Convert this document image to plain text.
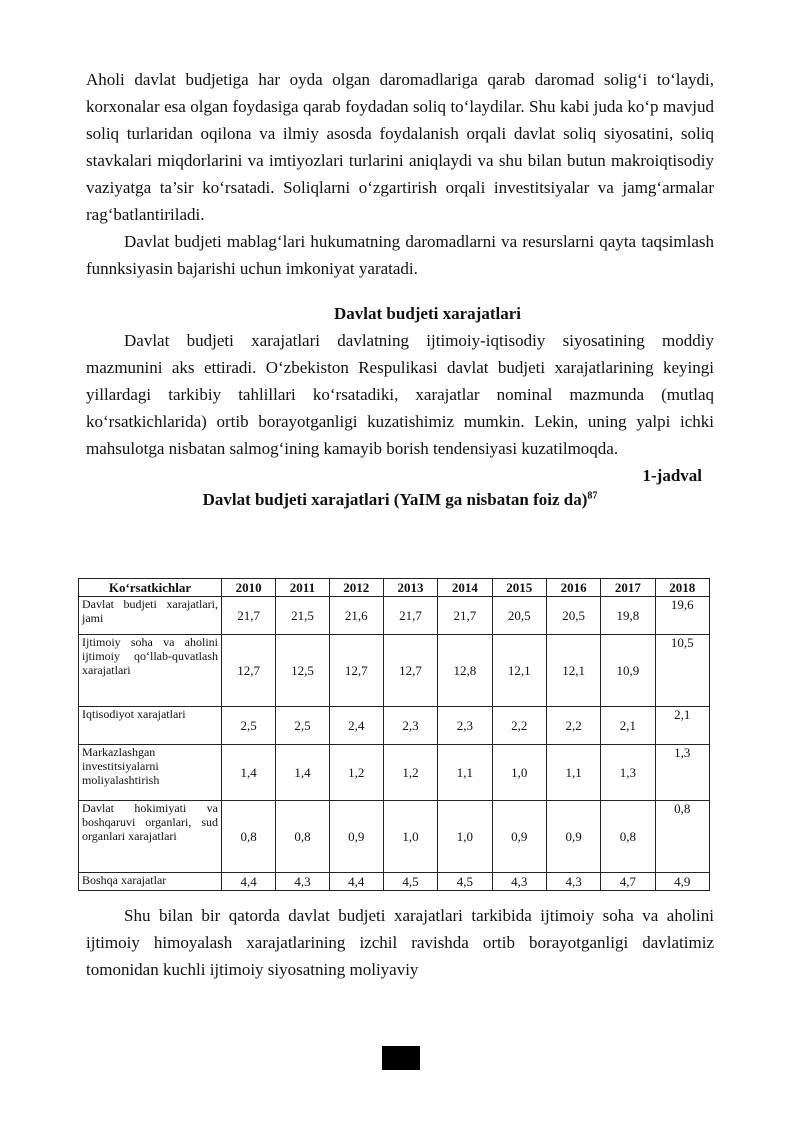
Aholi davlat budjetiga har oyda olgan daromadlariga qarab daromad solig‘i to‘laydi, korxonalar esa olgan foydasiga qarab foydadan soliq to‘laydilar. Shu kabi juda ko‘p mavjud soliq turlaridan oqilona va ilmiy asosda foydalanish orqali davlat soliq siyosatini, soliq stavkalari miqdorlarini va imtiyozlari turlarini aniqlaydi va shu bilan butun makroiqtisodiy vaziyatga ta’sir ko‘rsatadi. Soliqlarni o‘zgartirish orqali investitsiyalar va jamg‘armalar rag‘batlantiriladi.

Davlat budjeti mablag‘lari hukumatning daromadlarni va resurslarni qayta taqsimlash funnksiyasin bajarishi uchun imkoniyat yaratadi.

Davlat budjeti xarajatlari

Davlat budjeti xarajatlari davlatning ijtimoiy-iqtisodiy siyosatining moddiy mazmunini aks ettiradi. O‘zbekiston Respulikasi davlat budjeti xarajatlarining keyingi yillardagi tarkibiy tahlillari ko‘rsatadiki, xarajatlar nominal mazmunda (mutlaq ko‘rsatkichlarida) ortib borayotganligi kuzatishimiz mumkin. Lekin, uning yalpi ichki mahsulotga nisbatan salmog‘ining kamayib borish tendensiyasi kuzatilmoqda.

1-jadval
Davlat budjeti xarajatlari (YaIM ga nisbatan foiz da)$^{87}$
Ko‘rsatkichlar	2010	2011	2012	2013	2014	2015	2016	2017	2018
Davlat budjeti xarajatlari, jami	21,7	21,5	21,6	21,7	21,7	20,5	20,5	19,8	19,6
Ijtimoiy soha va aholini ijtimoiy qo‘llab-quvatlash xarajatlari	12,7	12,5	12,7	12,7	12,8	12,1	12,1	10,9	10,5
Iqtisodiyot xarajatlari	2,5	2,5	2,4	2,3	2,3	2,2	2,2	2,1	2,1
Markazlashgan investitsiyalarni moliyalashtirish	1,4	1,4	1,2	1,2	1,1	1,0	1,1	1,3	1,3
Davlat hokimiyati va boshqaruvi organlari, sud organlari xarajatlari	0,8	0,8	0,9	1,0	1,0	0,9	0,9	0,8	0,8
Boshqa xarajatlar	4,4	4,3	4,4	4,5	4,5	4,3	4,3	4,7	4,9

Shu bilan bir qatorda davlat budjeti xarajatlari tarkibida ijtimoiy soha va aholini ijtimoiy himoyalash xarajatlarining izchil ravishda ortib borayotganligi davlatimiz tomonidan kuchli ijtimoiy siyosatning moliyaviy
